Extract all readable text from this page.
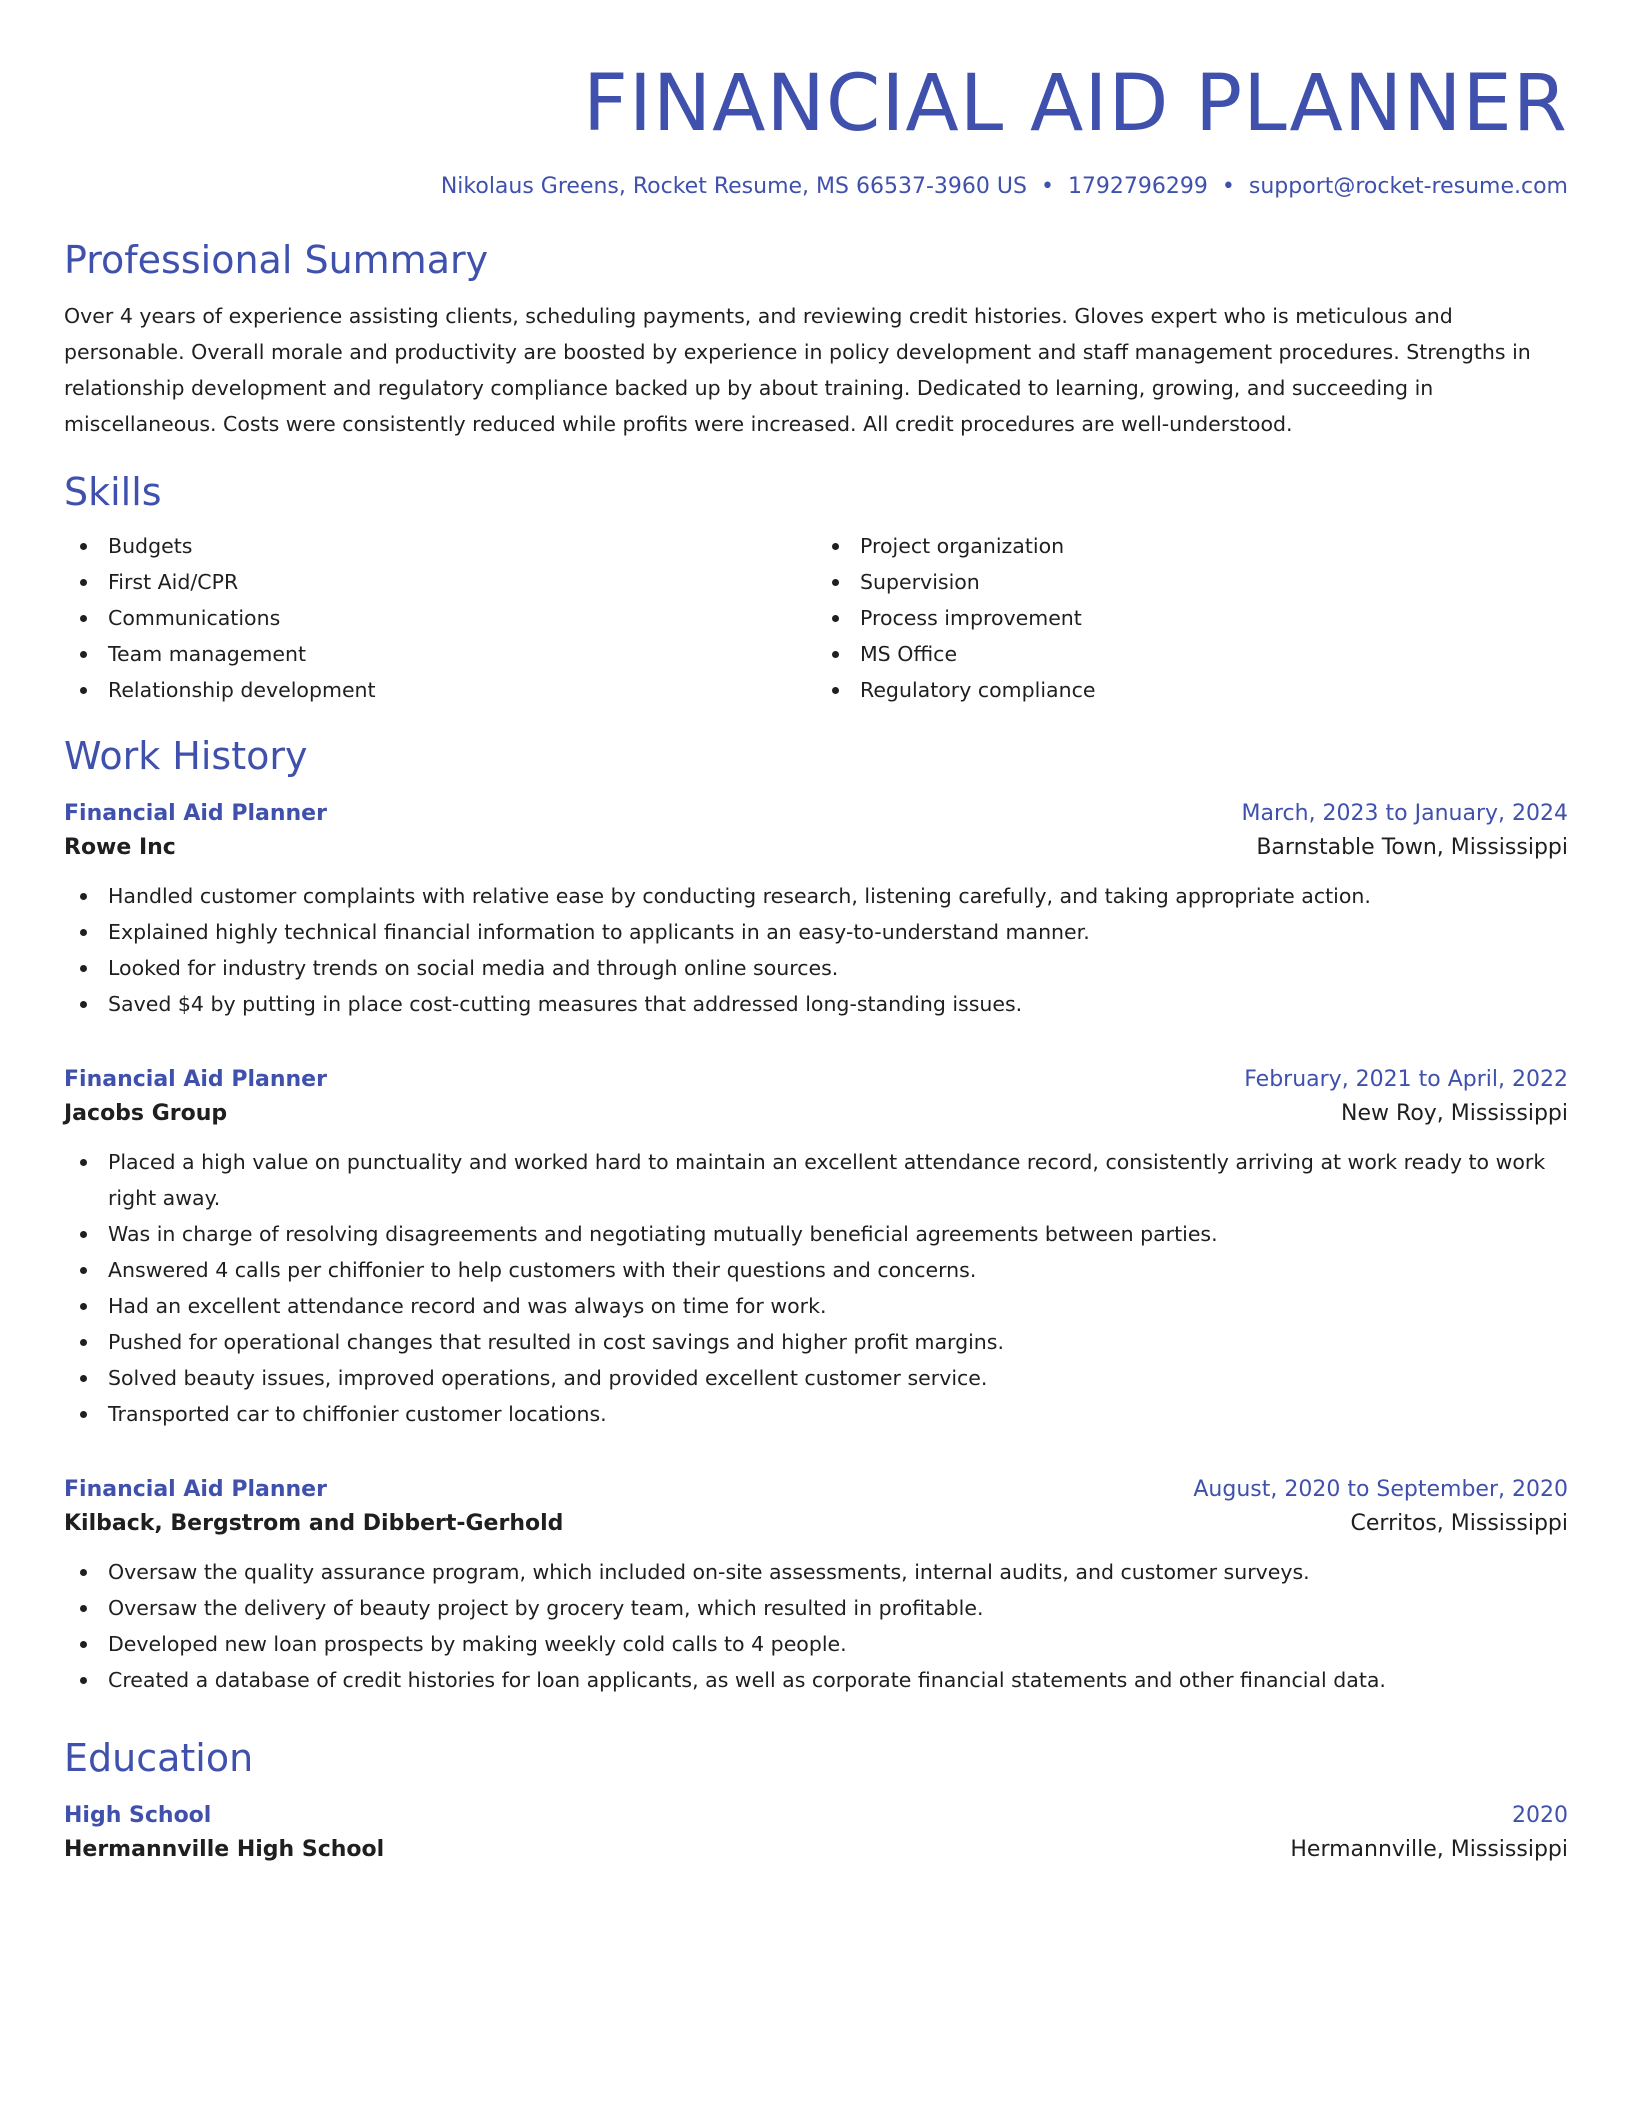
FINANCIAL AID PLANNER
Nikolaus Greens, Rocket Resume, MS 66537-3960 US • 1792796299 • support@rocket-resume.com
Professional Summary

Over 4 years of experience assisting clients, scheduling payments, and reviewing credit histories. Gloves expert who is meticulous and personable. Overall morale and productivity are boosted by experience in policy development and staff management procedures. Strengths in relationship development and regulatory compliance backed up by about training. Dedicated to learning, growing, and succeeding in miscellaneous. Costs were consistently reduced while profits were increased. All credit procedures are well-understood.

Skills
Budgets
First Aid/CPR
Communications
Team management
Relationship development
Project organization
Supervision
Process improvement
MS Office
Regulatory compliance
Work History
Financial Aid Planner	March, 2023 to January, 2024
Rowe Inc	Barnstable Town, Mississippi
Handled customer complaints with relative ease by conducting research, listening carefully, and taking appropriate action.
Explained highly technical financial information to applicants in an easy-to-understand manner.
Looked for industry trends on social media and through online sources.
Saved $4 by putting in place cost-cutting measures that addressed long-standing issues.
Financial Aid Planner	February, 2021 to April, 2022
Jacobs Group	New Roy, Mississippi
Placed a high value on punctuality and worked hard to maintain an excellent attendance record, consistently arriving at work ready to work right away.
Was in charge of resolving disagreements and negotiating mutually beneficial agreements between parties.
Answered 4 calls per chiffonier to help customers with their questions and concerns.
Had an excellent attendance record and was always on time for work.
Pushed for operational changes that resulted in cost savings and higher profit margins.
Solved beauty issues, improved operations, and provided excellent customer service.
Transported car to chiffonier customer locations.
Financial Aid Planner	August, 2020 to September, 2020
Kilback, Bergstrom and Dibbert-Gerhold	Cerritos, Mississippi
Oversaw the quality assurance program, which included on-site assessments, internal audits, and customer surveys.
Oversaw the delivery of beauty project by grocery team, which resulted in profitable.
Developed new loan prospects by making weekly cold calls to 4 people.
Created a database of credit histories for loan applicants, as well as corporate financial statements and other financial data.
Education
High School	2020
Hermannville High School	Hermannville, Mississippi
